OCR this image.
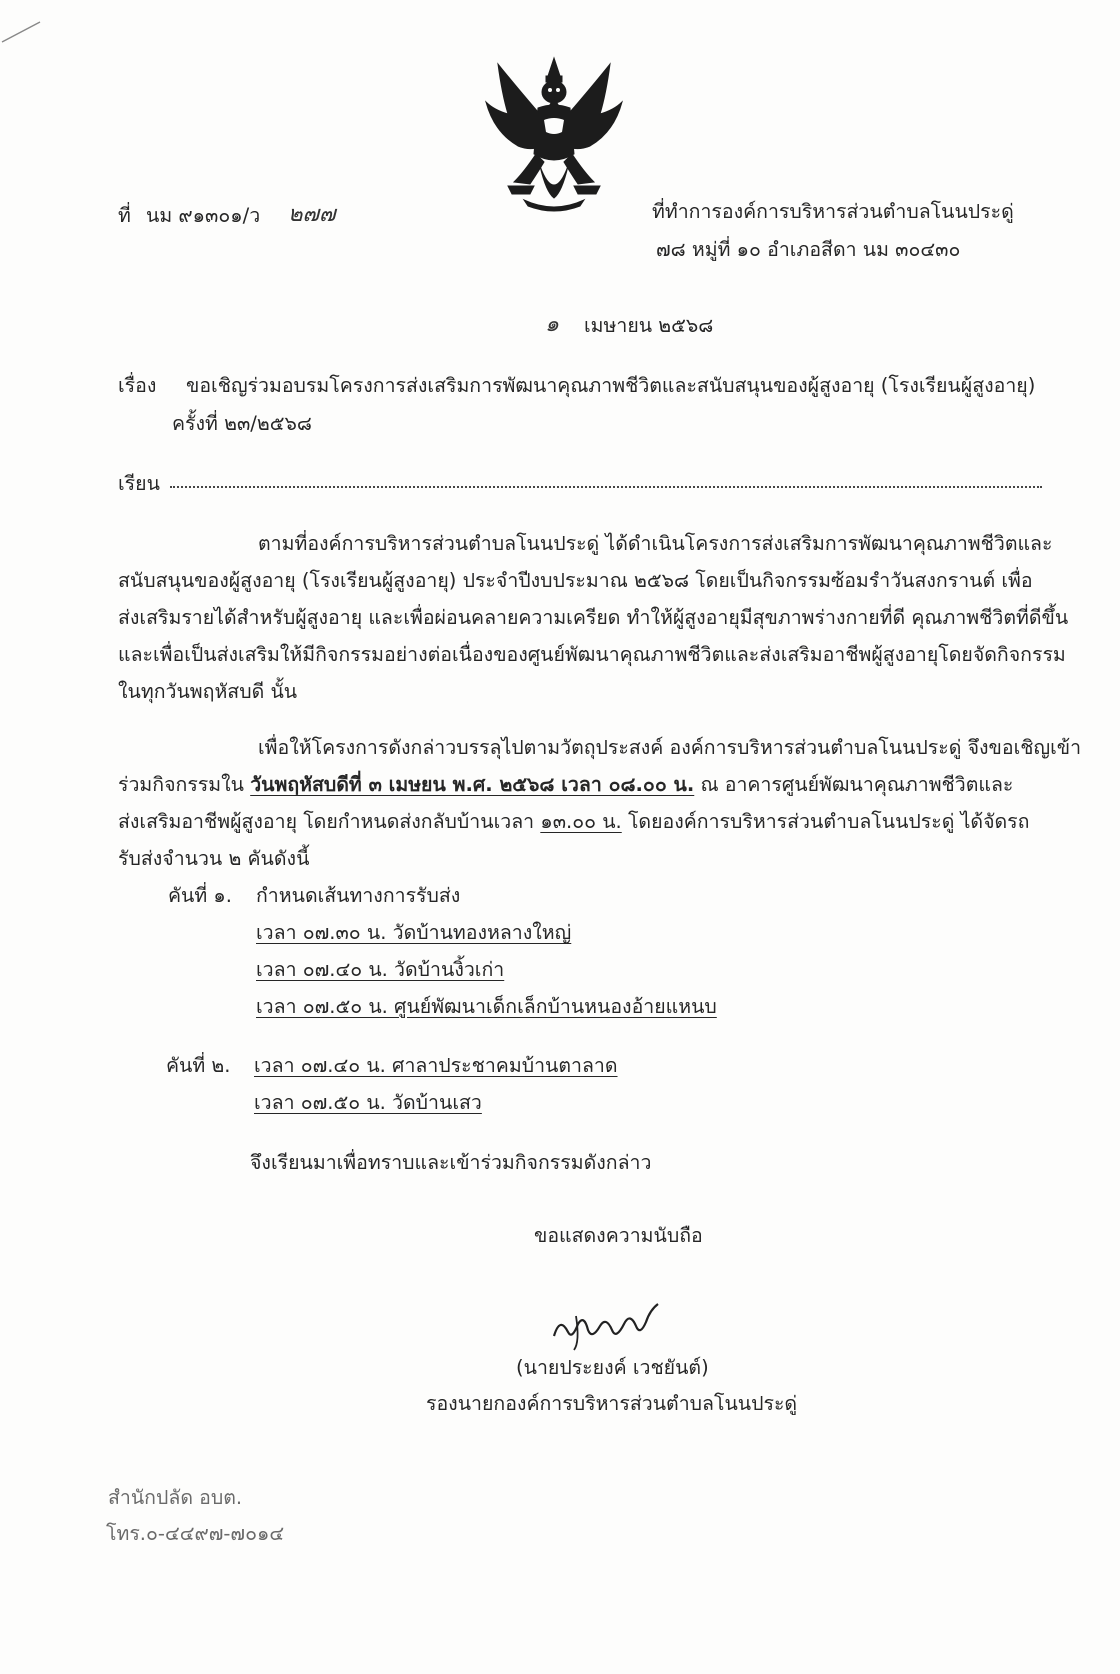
ที่ นม ๙๑๓๐๑/ว ๒๗๗	ที่ทำการองค์การบริหารส่วนตำบลโนนประดู่
๗๘ หมู่ที่ ๑๐ อำเภอสีดา นม ๓๐๔๓๐
๑ เมษายน ๒๕๖๘
เรื่อง ขอเชิญร่วมอบรมโครงการส่งเสริมการพัฒนาคุณภาพชีวิตและสนับสนุนของผู้สูงอายุ (โรงเรียนผู้สูงอายุ)
ครั้งที่ ๒๓/๒๕๖๘
เรียน
ตามที่องค์การบริหารส่วนตำบลโนนประดู่ ได้ดำเนินโครงการส่งเสริมการพัฒนาคุณภาพชีวิตและ
สนับสนุนของผู้สูงอายุ (โรงเรียนผู้สูงอายุ) ประจำปีงบประมาณ ๒๕๖๘ โดยเป็นกิจกรรมซ้อมรำวันสงกรานต์ เพื่อ
ส่งเสริมรายได้สำหรับผู้สูงอายุ และเพื่อผ่อนคลายความเครียด ทำให้ผู้สูงอายุมีสุขภาพร่างกายที่ดี คุณภาพชีวิตที่ดีขึ้น
และเพื่อเป็นส่งเสริมให้มีกิจกรรมอย่างต่อเนื่องของศูนย์พัฒนาคุณภาพชีวิตและส่งเสริมอาชีพผู้สูงอายุโดยจัดกิจกรรม
ในทุกวันพฤหัสบดี นั้น
เพื่อให้โครงการดังกล่าวบรรลุไปตามวัตถุประสงค์ องค์การบริหารส่วนตำบลโนนประดู่ จึงขอเชิญเข้า
ร่วมกิจกรรมใน วันพฤหัสบดีที่ ๓ เมษยน พ.ศ. ๒๕๖๘ เวลา ๐๘.๐๐ น. ณ อาคารศูนย์พัฒนาคุณภาพชีวิตและ
ส่งเสริมอาชีพผู้สูงอายุ โดยกำหนดส่งกลับบ้านเวลา ๑๓.๐๐ น. โดยองค์การบริหารส่วนตำบลโนนประดู่ ได้จัดรถ
รับส่งจำนวน ๒ คันดังนี้
คันที่ ๑. กำหนดเส้นทางการรับส่ง
เวลา ๐๗.๓๐ น. วัดบ้านทองหลางใหญ่
เวลา ๐๗.๔๐ น. วัดบ้านงิ้วเก่า
เวลา ๐๗.๕๐ น. ศูนย์พัฒนาเด็กเล็กบ้านหนองอ้ายแหนบ
คันที่ ๒. เวลา ๐๗.๔๐ น. ศาลาประชาคมบ้านตาลาด
เวลา ๐๗.๕๐ น. วัดบ้านเสว
จึงเรียนมาเพื่อทราบและเข้าร่วมกิจกรรมดังกล่าว
ขอแสดงความนับถือ
(นายประยงค์ เวชยันต์)
รองนายกองค์การบริหารส่วนตำบลโนนประดู่
สำนักปลัด อบต.
โทร.๐-๔๔๙๗-๗๐๑๔
